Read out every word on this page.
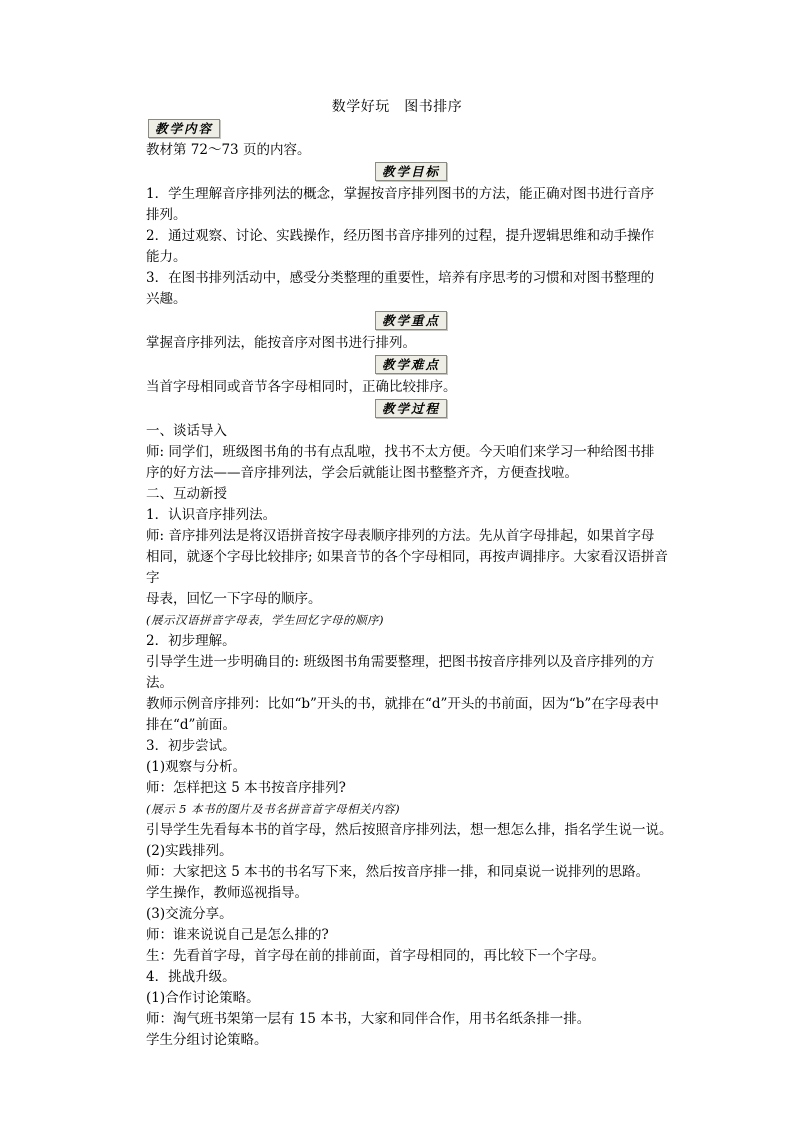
数学好玩　图书排序

教学内容

教材第 72～73 页的内容。

教学目标

1．学生理解音序排列法的概念，掌握按音序排列图书的方法，能正确对图书进行音序

排列。

2．通过观察、讨论、实践操作，经历图书音序排列的过程，提升逻辑思维和动手操作

能力。

3．在图书排列活动中，感受分类整理的重要性，培养有序思考的习惯和对图书整理的

兴趣。

教学重点

掌握音序排列法，能按音序对图书进行排列。

教学难点

当首字母相同或音节各字母相同时，正确比较排序。

教学过程

一、谈话导入

师: 同学们，班级图书角的书有点乱啦，找书不太方便。今天咱们来学习一种给图书排

序的好方法——音序排列法，学会后就能让图书整整齐齐，方便查找啦。

二、互动新授

1．认识音序排列法。

师: 音序排列法是将汉语拼音按字母表顺序排列的方法。先从首字母排起，如果首字母

相同，就逐个字母比较排序; 如果音节的各个字母相同，再按声调排序。大家看汉语拼音字

母表，回忆一下字母的顺序。

(展示汉语拼音字母表，学生回忆字母的顺序)

2．初步理解。

引导学生进一步明确目的: 班级图书角需要整理，把图书按音序排列以及音序排列的方

法。

教师示例音序排列：比如“b”开头的书，就排在“d”开头的书前面，因为“b”在字母表中

排在“d”前面。

3．初步尝试。

(1)观察与分析。

师：怎样把这 5 本书按音序排列?

(展示 5 本书的图片及书名拼音首字母相关内容)

引导学生先看每本书的首字母，然后按照音序排列法，想一想怎么排，指名学生说一说。

(2)实践排列。

师：大家把这 5 本书的书名写下来，然后按音序排一排，和同桌说一说排列的思路。

学生操作，教师巡视指导。

(3)交流分享。

师：谁来说说自己是怎么排的?

生：先看首字母，首字母在前的排前面，首字母相同的，再比较下一个字母。

4．挑战升级。

(1)合作讨论策略。

师：淘气班书架第一层有 15 本书，大家和同伴合作，用书名纸条排一排。

学生分组讨论策略。
